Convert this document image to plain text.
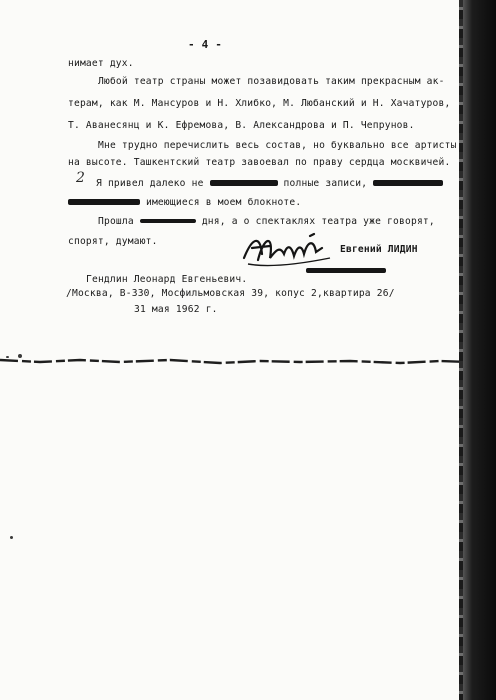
- 4 -
нимает дух.
Любой театр страны может позавидовать таким прекрасным ак-
терам, как М. Мансуров и Н. Хлибко, М. Любанский и Н. Хачатуров,
Т. Аванесянц и К. Ефремова, В. Александрова и П. Чепрунов.
Мне трудно перечислить весь состав, но буквально все артисты
на высоте. Ташкентский театр завоевал по праву сердца москвичей.
2 Я привел далеко не	полные записи,
имеющиеся в моем блокноте.
Прошла	дня, а о спектаклях театра уже говорят,
спорят, думают.
Евгений ЛИДИН
Гендлин Леонард Евгеньевич.
/Москва, В-330, Мосфильмовская 39, копус 2,квартира 26/
31 мая 1962 г.
